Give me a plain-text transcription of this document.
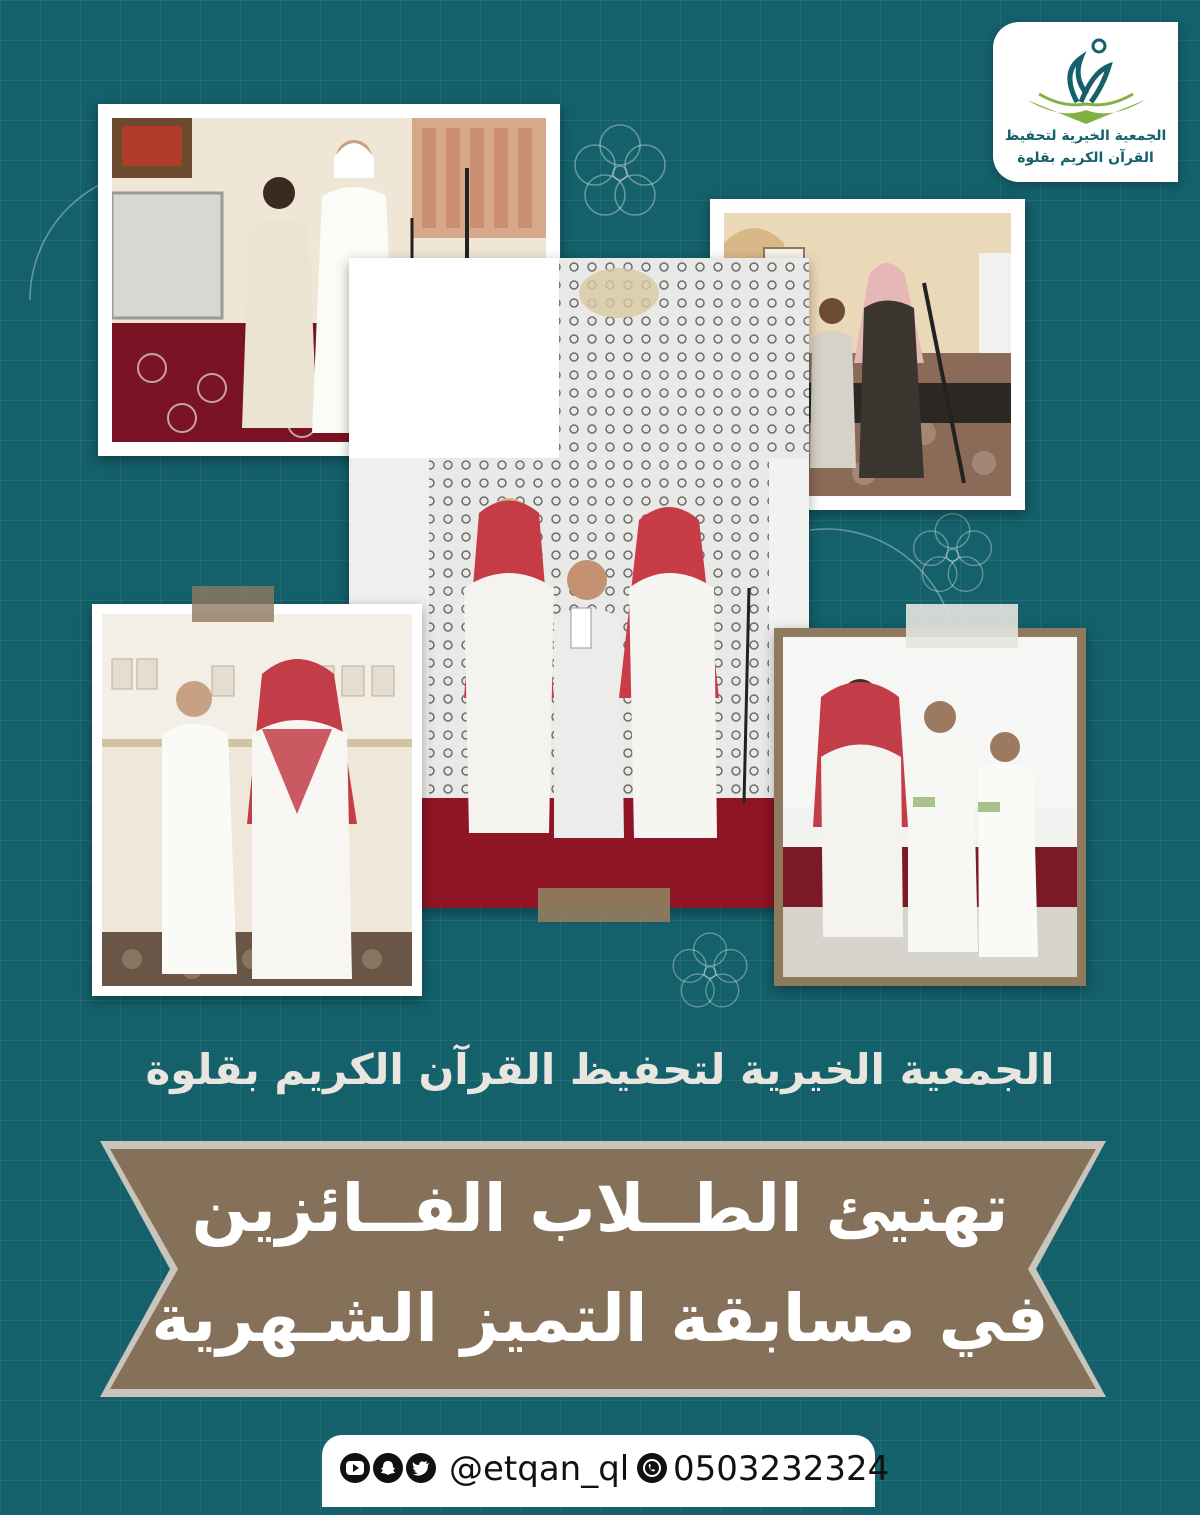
الجمعية الخيرية لتحفيظ
القرآن الكريم بقلوة
الجمعية الخيرية لتحفيظ القرآن الكريم بقلوة
تهنيئ الطــلاب الفــائزين
في مسابقة التميز الشـهرية
@etqan_ql 0503232324
